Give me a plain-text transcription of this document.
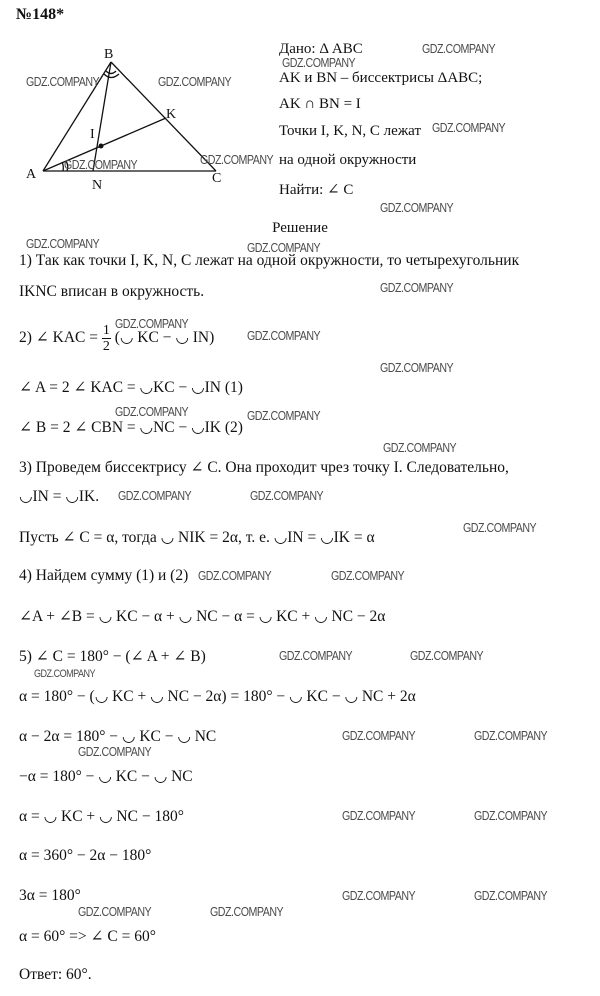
№148*
B
A	C
K
N
I
Дано: Δ ABC
AK и BN – биссектрисы ΔABC;
AK ∩ BN = I
Точки I, K, N, C лежат
на одной окружности
Найти: ∠ C
Решение
1) Так как точки I, K, N, C лежат на одной окружности, то четырехугольник
IKNC вписан в окружность.
2) ∠ KAC = $\frac{1}{2}$ (◡ KC − ◡ IN)
∠ A = 2 ∠ KAC = ◡KC − ◡IN (1)
∠ B = 2 ∠ CBN = ◡NC − ◡IK (2)
3) Проведем биссектрису ∠ C. Она проходит чрез точку I. Следовательно,
◡IN = ◡IK.
Пусть ∠ C = α, тогда ◡ NIK = 2α, т. е. ◡IN = ◡IK = α
4) Найдем сумму (1) и (2)
∠A + ∠B = ◡ KC − α + ◡ NC − α = ◡ KC + ◡ NC − 2α
5) ∠ C = 180° − (∠ A + ∠ B)
α = 180° − (◡ KC + ◡ NC − 2α) = 180° − ◡ KC − ◡ NC + 2α
α − 2α = 180° − ◡ KC − ◡ NC
−α = 180° − ◡ KC − ◡ NC
α = ◡ KC + ◡ NC − 180°
α = 360° − 2α − 180°
3α = 180°
α = 60° => ∠ C = 60°
Ответ: 60°.
GDZ.COMPANY	GDZ.COMPANY
GDZ.COMPANY
GDZ.COMPANY
GDZ.COMPANY	GDZ.COMPANY
GDZ.COMPANY
GDZ.COMPANY
GDZ.COMPANY	GDZ.COMPANY
GDZ.COMPANY
GDZ.COMPANY
GDZ.COMPANY
GDZ.COMPANY
GDZ.COMPANY	GDZ.COMPANY
GDZ.COMPANY
GDZ.COMPANY	GDZ.COMPANY
GDZ.COMPANY
GDZ.COMPANY	GDZ.COMPANY
GDZ.COMPANY	GDZ.COMPANY
GDZ.COMPANY
GDZ.COMPANY	GDZ.COMPANY
GDZ.COMPANY
GDZ.COMPANY	GDZ.COMPANY
GDZ.COMPANY	GDZ.COMPANY
GDZ.COMPANY	GDZ.COMPANY
